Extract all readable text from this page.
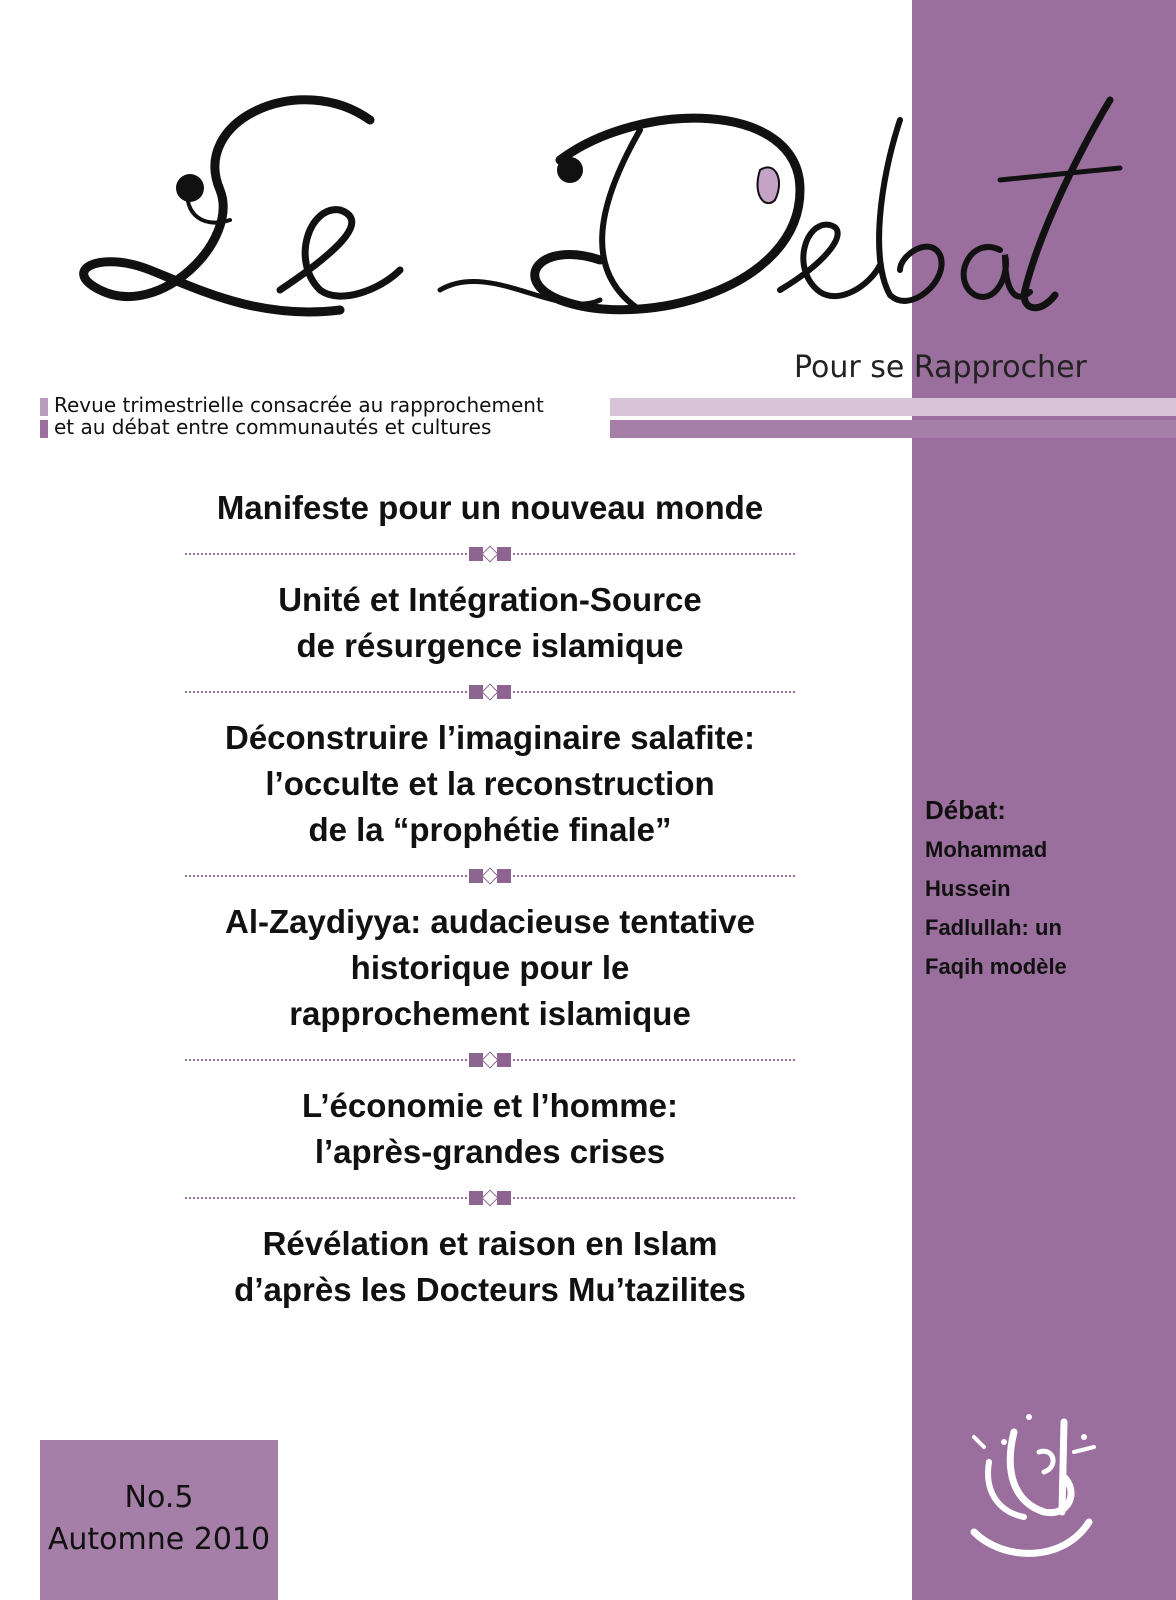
Pour se Rapprocher
Revue trimestrielle consacrée au rapprochement
et au débat entre communautés et cultures
Manifeste pour un nouveau monde
Unité et Intégration-Source
de résurgence islamique
Déconstruire l’imaginaire salafite:
l’occulte et la reconstruction
de la “prophétie finale”
Al-Zaydiyya: audacieuse tentative
historique pour le
rapprochement islamique
L’économie et l’homme:
l’après-grandes crises
Révélation et raison en Islam
d’après les Docteurs Mu’tazilites
Débat:
Mohammad
Hussein
Fadlullah: un
Faqih modèle
No.5
Automne 2010
